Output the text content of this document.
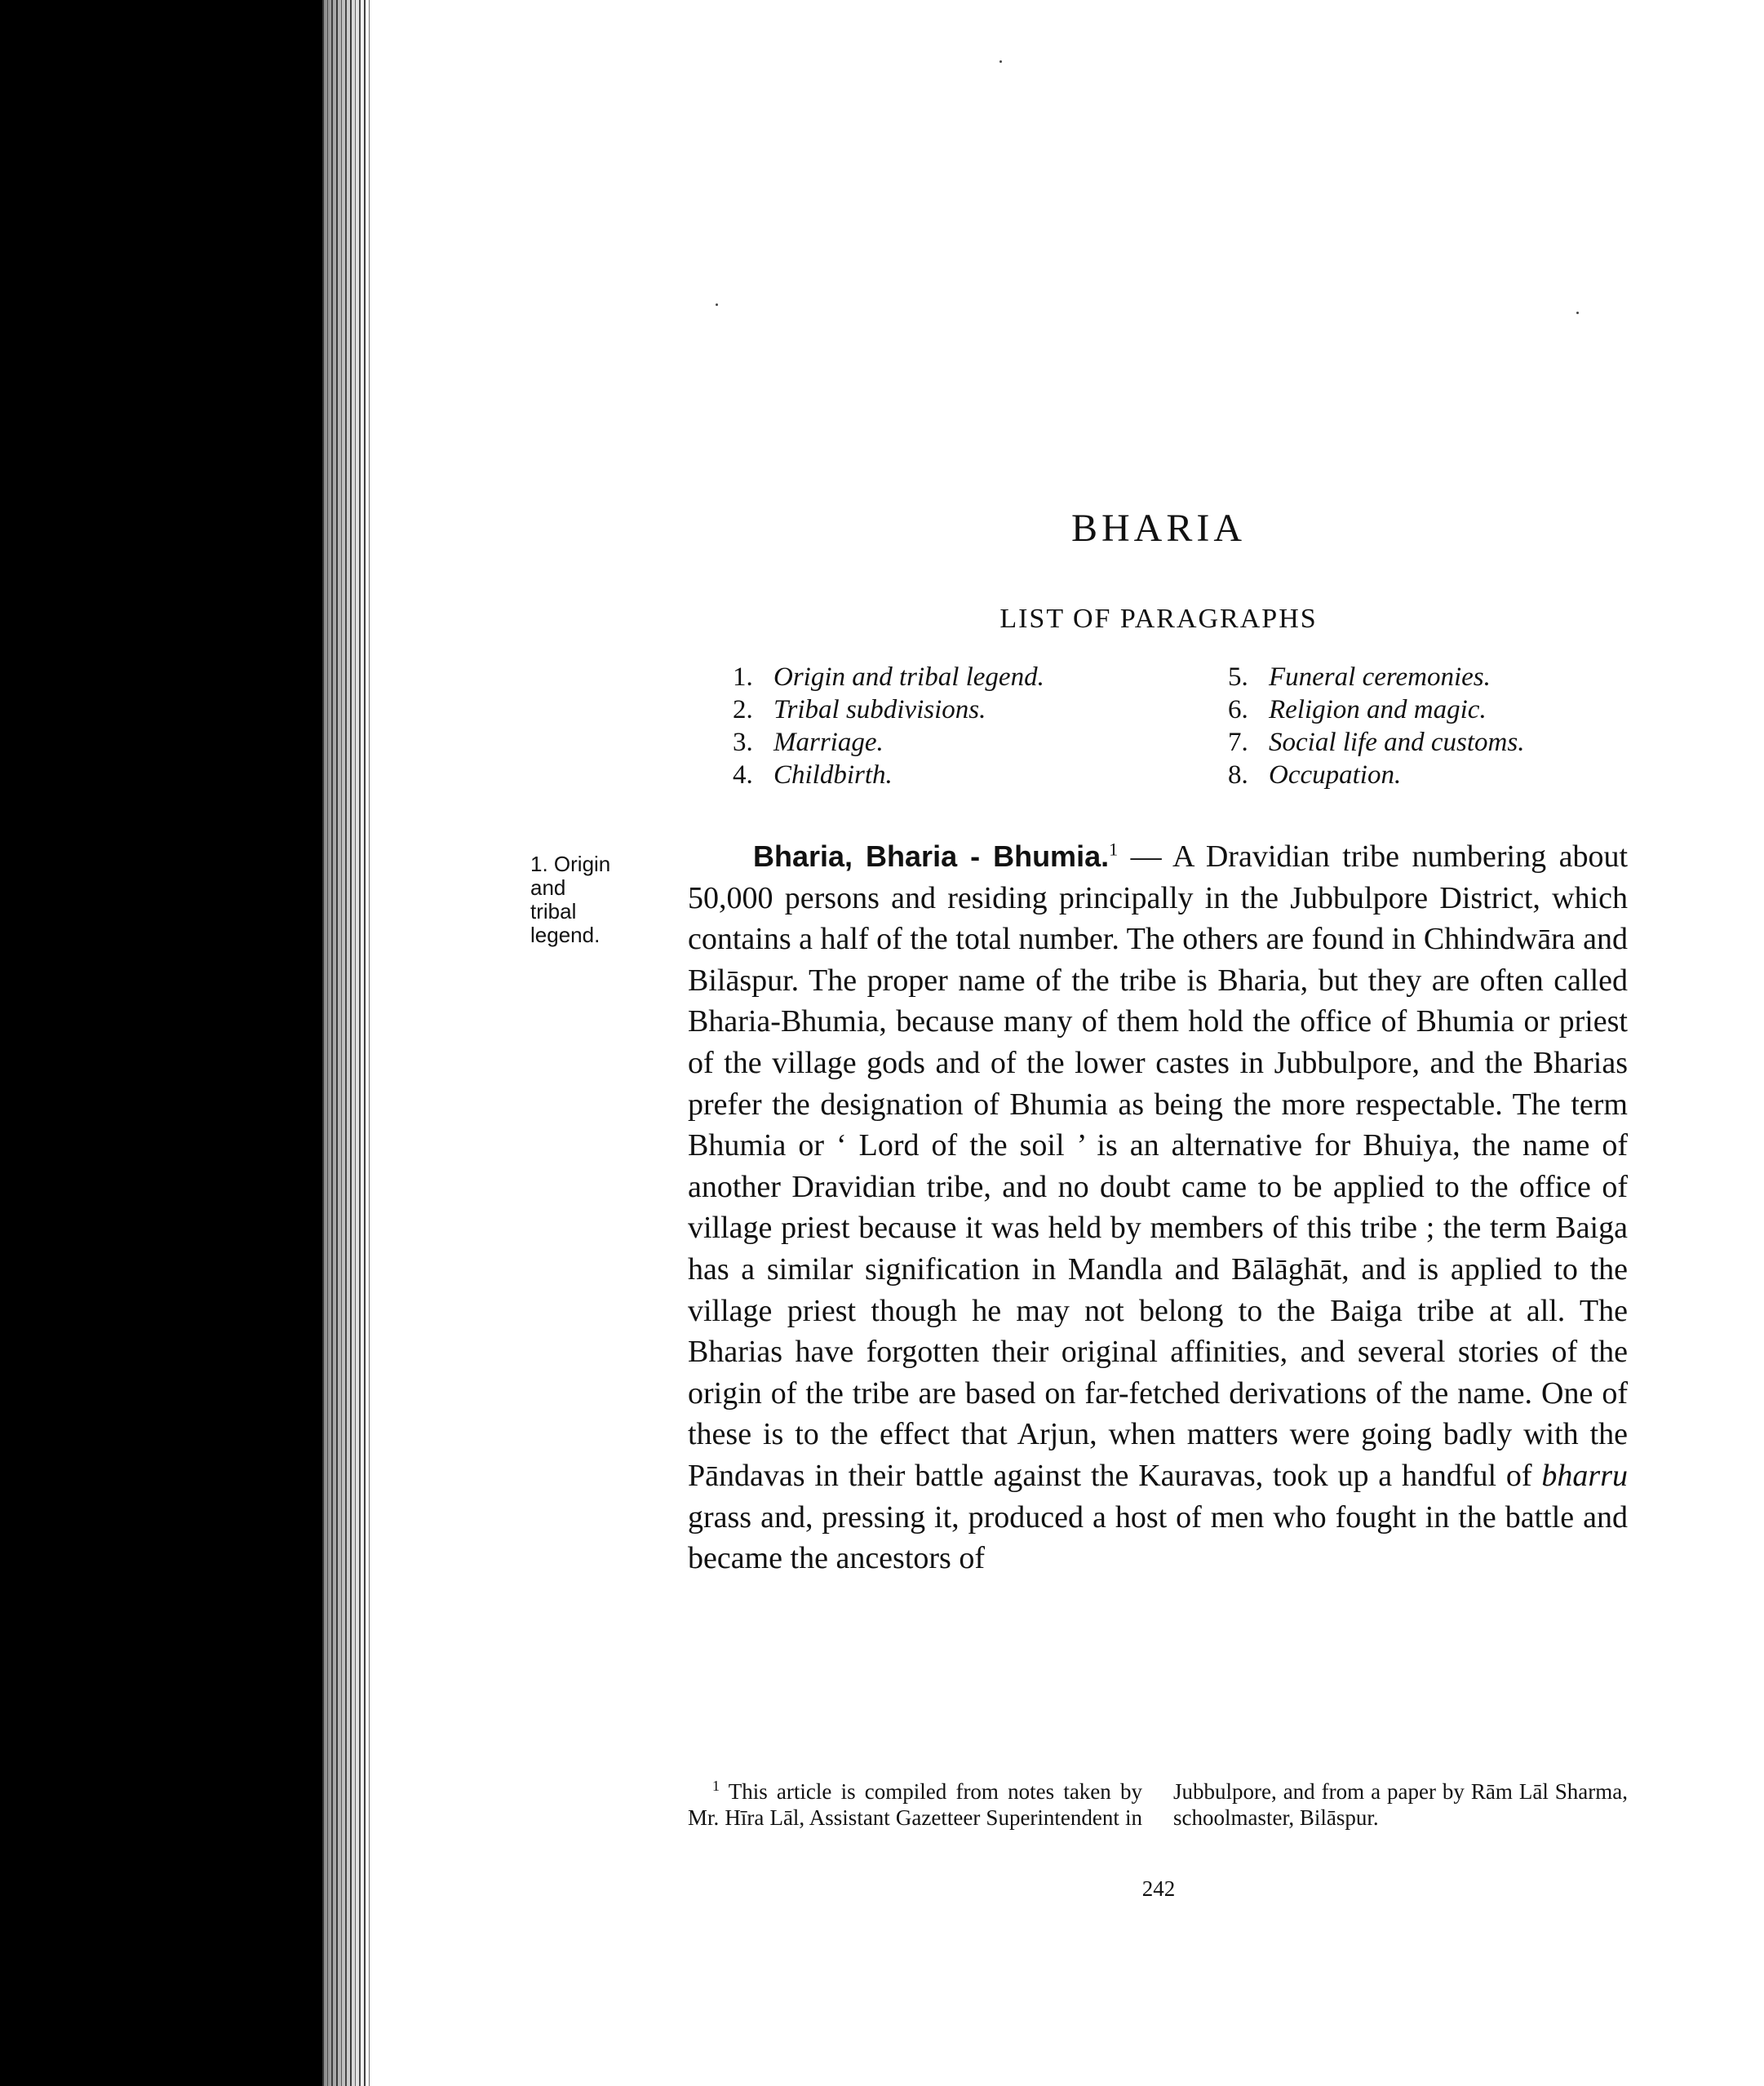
BHARIA
LIST OF PARAGRAPHS
1. Origin and tribal legend.
2. Tribal subdivisions.
3. Marriage.
4. Childbirth.
5. Funeral ceremonies.
6. Religion and magic.
7. Social life and customs.
8. Occupation.

1. Origin
and
tribal
legend.

Bharia, Bharia - Bhumia.$^1$ — A Dravidian tribe numbering about 50,000 persons and residing principally in the Jubbulpore District, which contains a half of the total number. The others are found in Chhindwāra and Bilāspur. The proper name of the tribe is Bharia, but they are often called Bharia-Bhumia, because many of them hold the office of Bhumia or priest of the village gods and of the lower castes in Jubbulpore, and the Bharias prefer the designation of Bhumia as being the more respectable. The term Bhumia or ‘ Lord of the soil ’ is an alternative for Bhuiya, the name of another Dravidian tribe, and no doubt came to be applied to the office of village priest because it was held by members of this tribe ; the term Baiga has a similar signification in Mandla and Bālāghāt, and is applied to the village priest though he may not belong to the Baiga tribe at all. The Bharias have forgotten their original affinities, and several stories of the origin of the tribe are based on far-fetched derivations of the name. One of these is to the effect that Arjun, when matters were going badly with the Pāndavas in their battle against the Kauravas, took up a handful of bharru grass and, pressing it, produced a host of men who fought in the battle and became the ancestors of

$^1$ This article is compiled from notes taken by Mr. Hīra Lāl, Assistant Gazetteer Superintendent in Jubbulpore, and from a paper by Rām Lāl Sharma, schoolmaster, Bilāspur.

242
